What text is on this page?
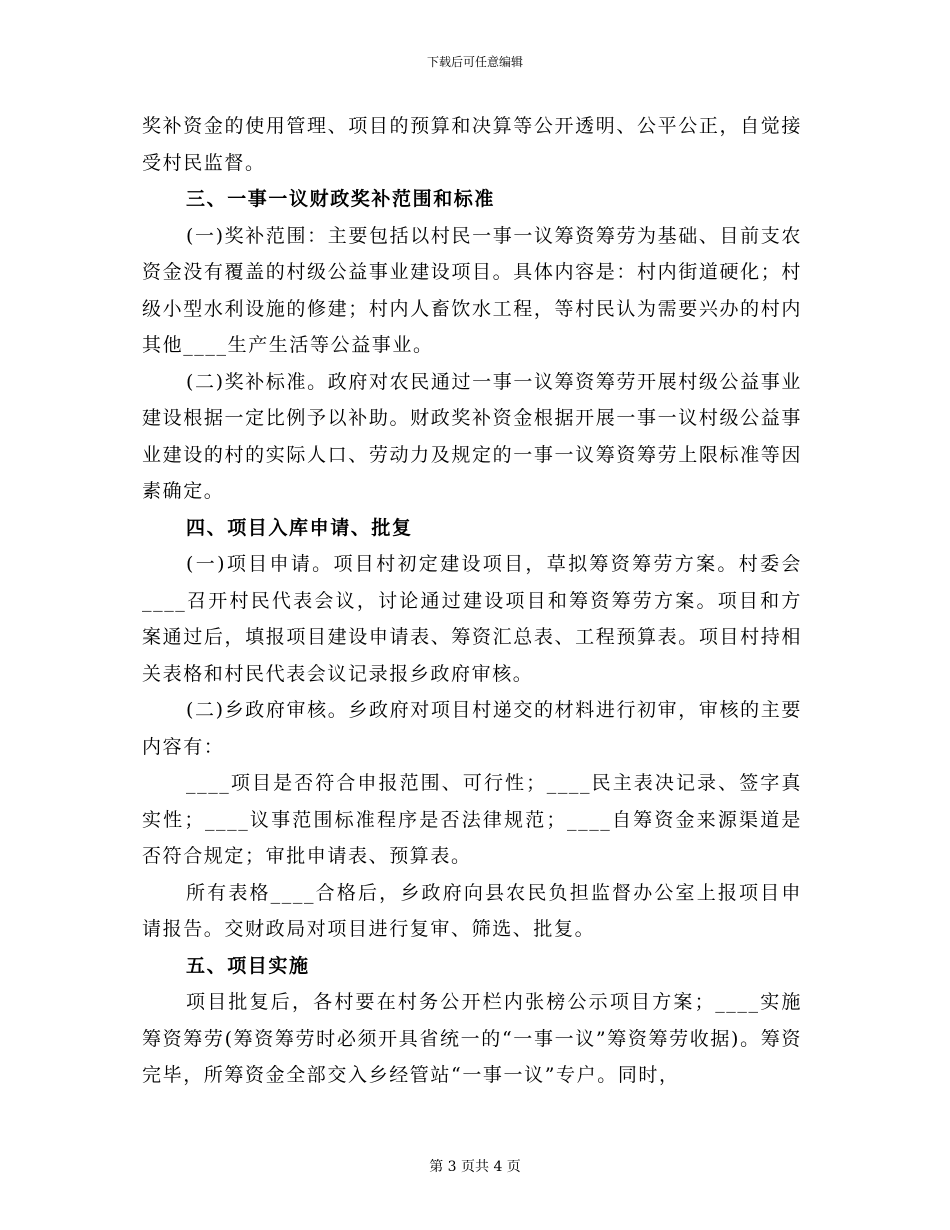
下载后可任意编辑

奖补资金的使用管理、项目的预算和决算等公开透明、公平公正，自觉接受村民监督。

三、一事一议财政奖补范围和标准

(一)奖补范围：主要包括以村民一事一议筹资筹劳为基础、目前支农资金没有覆盖的村级公益事业建设项目。具体内容是：村内街道硬化；村级小型水利设施的修建；村内人畜饮水工程，等村民认为需要兴办的村内其他____生产生活等公益事业。

(二)奖补标准。政府对农民通过一事一议筹资筹劳开展村级公益事业建设根据一定比例予以补助。财政奖补资金根据开展一事一议村级公益事业建设的村的实际人口、劳动力及规定的一事一议筹资筹劳上限标准等因素确定。

四、项目入库申请、批复

(一)项目申请。项目村初定建设项目，草拟筹资筹劳方案。村委会____召开村民代表会议，讨论通过建设项目和筹资筹劳方案。项目和方案通过后，填报项目建设申请表、筹资汇总表、工程预算表。项目村持相关表格和村民代表会议记录报乡政府审核。

(二)乡政府审核。乡政府对项目村递交的材料进行初审，审核的主要内容有：

____项目是否符合申报范围、可行性；____民主表决记录、签字真实性；____议事范围标准程序是否法律规范；____自筹资金来源渠道是否符合规定；审批申请表、预算表。

所有表格____合格后，乡政府向县农民负担监督办公室上报项目申请报告。交财政局对项目进行复审、筛选、批复。

五、项目实施

项目批复后，各村要在村务公开栏内张榜公示项目方案；____实施筹资筹劳(筹资筹劳时必须开具省统一的“一事一议”筹资筹劳收据)。筹资完毕，所筹资金全部交入乡经管站“一事一议”专户。同时，

第 3 页共 4 页
